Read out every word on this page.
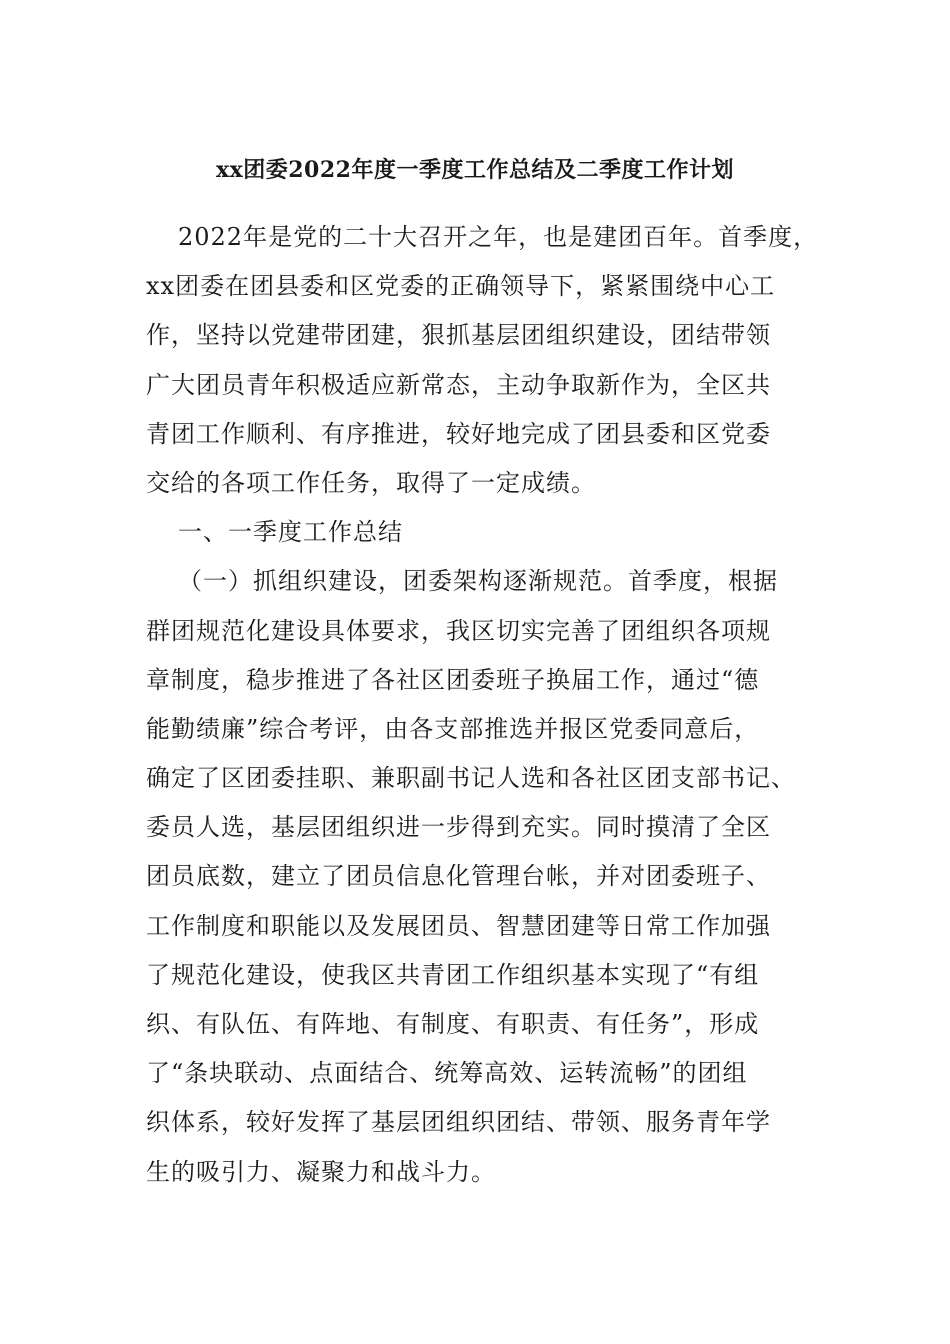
xx团委2022年度一季度工作总结及二季度工作计划
2022年是党的二十大召开之年，也是建团百年。首季度，
xx团委在团县委和区党委的正确领导下，紧紧围绕中心工
作，坚持以党建带团建，狠抓基层团组织建设，团结带领
广大团员青年积极适应新常态，主动争取新作为，全区共
青团工作顺利、有序推进，较好地完成了团县委和区党委
交给的各项工作任务，取得了一定成绩。
一、一季度工作总结
（一）抓组织建设，团委架构逐渐规范。首季度，根据
群团规范化建设具体要求，我区切实完善了团组织各项规
章制度，稳步推进了各社区团委班子换届工作，通过“德
能勤绩廉”综合考评，由各支部推选并报区党委同意后，
确定了区团委挂职、兼职副书记人选和各社区团支部书记、
委员人选，基层团组织进一步得到充实。同时摸清了全区
团员底数，建立了团员信息化管理台帐，并对团委班子、
工作制度和职能以及发展团员、智慧团建等日常工作加强
了规范化建设，使我区共青团工作组织基本实现了“有组
织、有队伍、有阵地、有制度、有职责、有任务”，形成
了“条块联动、点面结合、统筹高效、运转流畅”的团组
织体系，较好发挥了基层团组织团结、带领、服务青年学
生的吸引力、凝聚力和战斗力。
